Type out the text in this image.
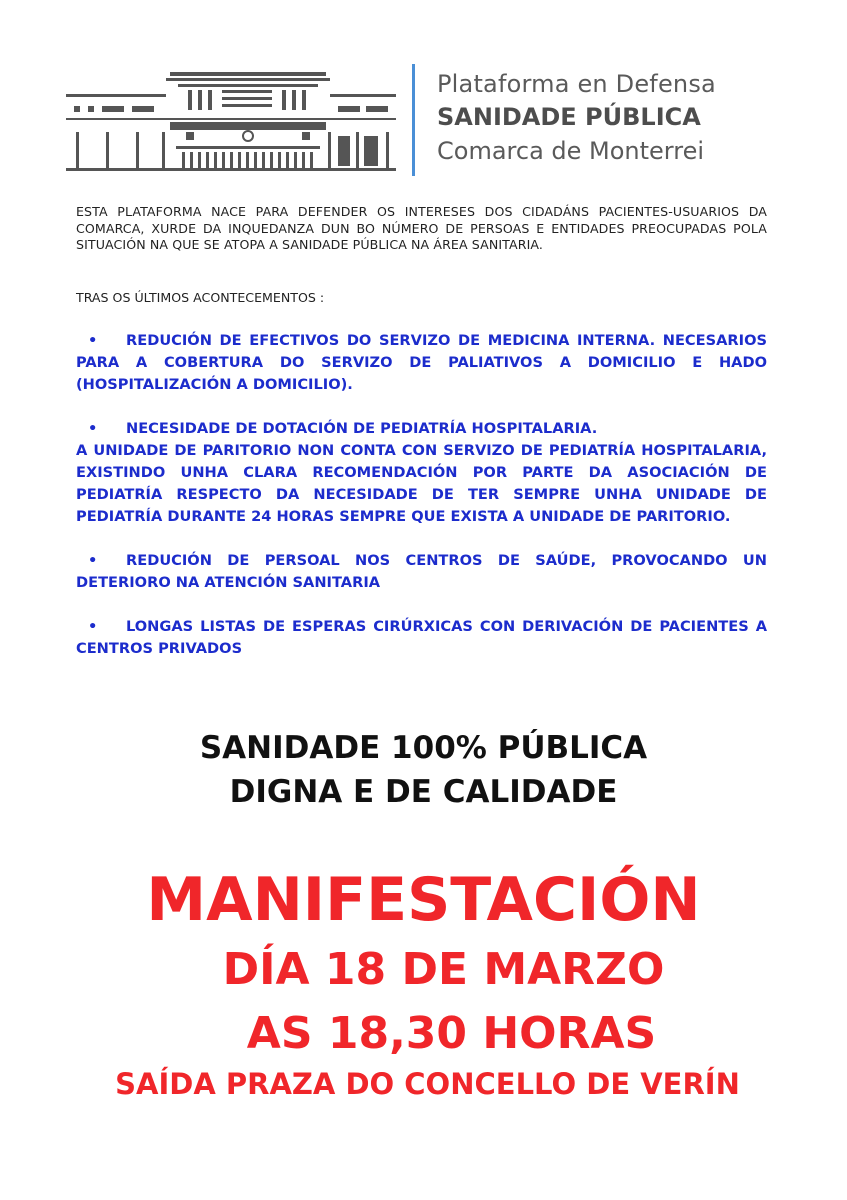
Plataforma en Defensa
SANIDADE PÚBLICA
Comarca de Monterrei
ESTA PLATAFORMA NACE PARA DEFENDER OS INTERESES DOS CIDADÁNS PACIENTES-USUARIOS DA COMARCA, XURDE DA INQUEDANZA DUN BO NÚMERO DE PERSOAS E ENTIDADES PREOCUPADAS POLA SITUACIÓN NA QUE SE ATOPA A SANIDADE PÚBLICA NA ÁREA SANITARIA.
TRAS OS ÚLTIMOS ACONTECEMENTOS :
• REDUCIÓN DE EFECTIVOS DO SERVIZO DE MEDICINA INTERNA. NECESARIOS PARA A COBERTURA DO SERVIZO DE PALIATIVOS A DOMICILIO E HADO (HOSPITALIZACIÓN A DOMICILIO).
• NECESIDADE DE DOTACIÓN DE PEDIATRÍA HOSPITALARIA.
A UNIDADE DE PARITORIO NON CONTA CON SERVIZO DE PEDIATRÍA HOSPITALARIA, EXISTINDO UNHA CLARA RECOMENDACIÓN POR PARTE DA ASOCIACIÓN DE PEDIATRÍA RESPECTO DA NECESIDADE DE TER SEMPRE UNHA UNIDADE DE PEDIATRÍA DURANTE 24 HORAS SEMPRE QUE EXISTA A UNIDADE DE PARITORIO.
• REDUCIÓN DE PERSOAL NOS CENTROS DE SAÚDE, PROVOCANDO UN DETERIORO NA ATENCIÓN SANITARIA
• LONGAS LISTAS DE ESPERAS CIRÚRXICAS CON DERIVACIÓN DE PACIENTES A CENTROS PRIVADOS
SANIDADE 100% PÚBLICA
DIGNA E DE CALIDADE
MANIFESTACIÓN
DÍA 18 DE MARZO
AS 18,30 HORAS
SAÍDA PRAZA DO CONCELLO DE VERÍN
